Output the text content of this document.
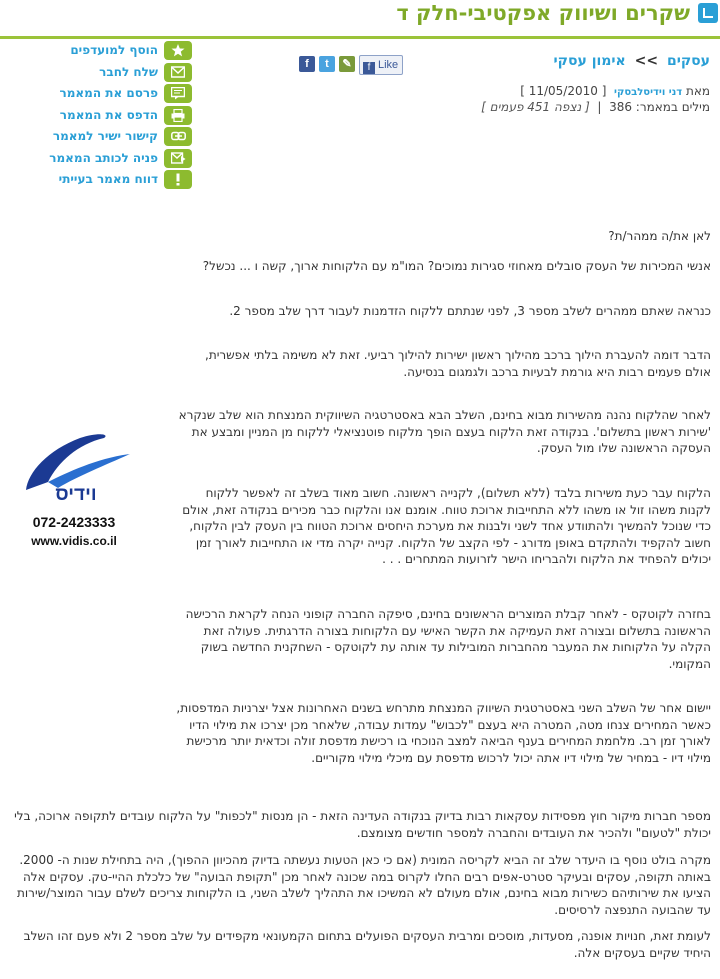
שקרים ושיווק אפקטיבי-חלק ד
עסקים >> אימון עסקי
f	t	✎	f Like
מאת דני וידיסלבסקי  [ 11/05/2010 ]
מילים במאמר: 386  |  [ נצפה 451 פעמים ]
הוסף למועדפים
שלח לחבר
פרסם את המאמר
הדפס את המאמר
קישור ישיר למאמר
פניה לכותב המאמר
דווח מאמר בעייתי
וידיס
072-2423333
www.vidis.co.il
לאן את/ה ממהר/ת?
אנשי המכירות של העסק סובלים מאחוזי סגירות נמוכים? המו"מ עם הלקוחות ארוך, קשה ו ... נכשל?
כנראה שאתם ממהרים לשלב מספר 3, לפני שנתתם ללקוח הזדמנות לעבור דרך שלב מספר 2.
הדבר דומה להעברת הילוך ברכב מהילוך ראשון ישירות להילוך רביעי. זאת לא משימה בלתי אפשרית, אולם פעמים רבות היא גורמת לבעיות ברכב ולגמגום בנסיעה.
לאחר שהלקוח נהנה מהשירות מבוא בחינם, השלב הבא באסטרטגיה השיווקית המנצחת הוא שלב שנקרא 'שירות ראשון בתשלום'. בנקודה זאת הלקוח בעצם הופך מלקוח פוטנציאלי ללקוח מן המניין ומבצע את העסקה הראשונה שלו מול העסק.
הלקוח עבר כעת משירות בלבד (ללא תשלום), לקנייה ראשונה. חשוב מאוד בשלב זה לאפשר ללקוח לקנות משהו זול או משהו ללא התחייבות ארוכת טווח. אומנם אנו והלקוח כבר מכירים בנקודה זאת, אולם כדי שנוכל להמשיך ולהתוודע אחד לשני ולבנות את מערכת היחסים ארוכת הטווח בין העסק לבין הלקוח, חשוב להקפיד ולהתקדם באופן מדורג - לפי הקצב של הלקוח. קנייה יקרה מדי או התחייבות לאורך זמן יכולים להפחיד את הלקוח ולהבריחו הישר לזרועות המתחרים . . .
בחזרה לקוטקס - לאחר קבלת המוצרים הראשונים בחינם, סיפקה החברה קופוני הנחה לקראת הרכישה הראשונה בתשלום ובצורה זאת העמיקה את הקשר האישי עם הלקוחות בצורה הדרגתית. פעולה זאת הקלה על הלקוחות את המעבר מהחברות המובילות עד אותה עת לקוטקס - השחקנית החדשה בשוק המקומי.
יישום אחר של השלב השני באסטרטגית השיווק המנצחת מתרחש בשנים האחרונות אצל יצרניות המדפסות, כאשר המחירים צנחו מטה, המטרה היא בעצם "לכבוש" עמדות עבודה, שלאחר מכן יצרכו את מילוי הדיו לאורך זמן רב. מלחמת המחירים בענף הביאה למצב הנוכחי בו רכישת מדפסת זולה וכדאית יותר מרכישת מילוי דיו - במחיר של מילוי דיו אתה יכול לרכוש מדפסת עם מיכלי מילוי מקוריים.
מספר חברות מיקור חוץ מפסידות עסקאות רבות בדיוק בנקודה העדינה הזאת - הן מנסות "לכפות" על הלקוח עובדים לתקופה ארוכה, בלי יכולת "לטעום" ולהכיר את העובדים והחברה למספר חודשים מצומצם.
מקרה בולט נוסף בו היעדר שלב זה הביא לקריסה המונית (אם כי כאן הטעות נעשתה בדיוק מהכיוון ההפוך), היה בתחילת שנות ה- 2000. באותה תקופה, עסקים ובעיקר סטרט-אפים רבים החלו לקרוס במה שכונה לאחר מכן "תקופת הבועה" של כלכלת ההיי-טק. עסקים אלה הציעו את שירותיהם כשירות מבוא בחינם, אולם מעולם לא המשיכו את התהליך לשלב השני, בו הלקוחות צריכים לשלם עבור המוצר/שירות עד שהבועה התנפצה לרסיסים.
לעומת זאת, חנויות אופנה, מסעדות, מוסכים ומרבית העסקים הפועלים בתחום הקמעונאי מקפידים על שלב מספר 2 ולא פעם זהו השלב היחיד שקיים בעסקים אלה.
